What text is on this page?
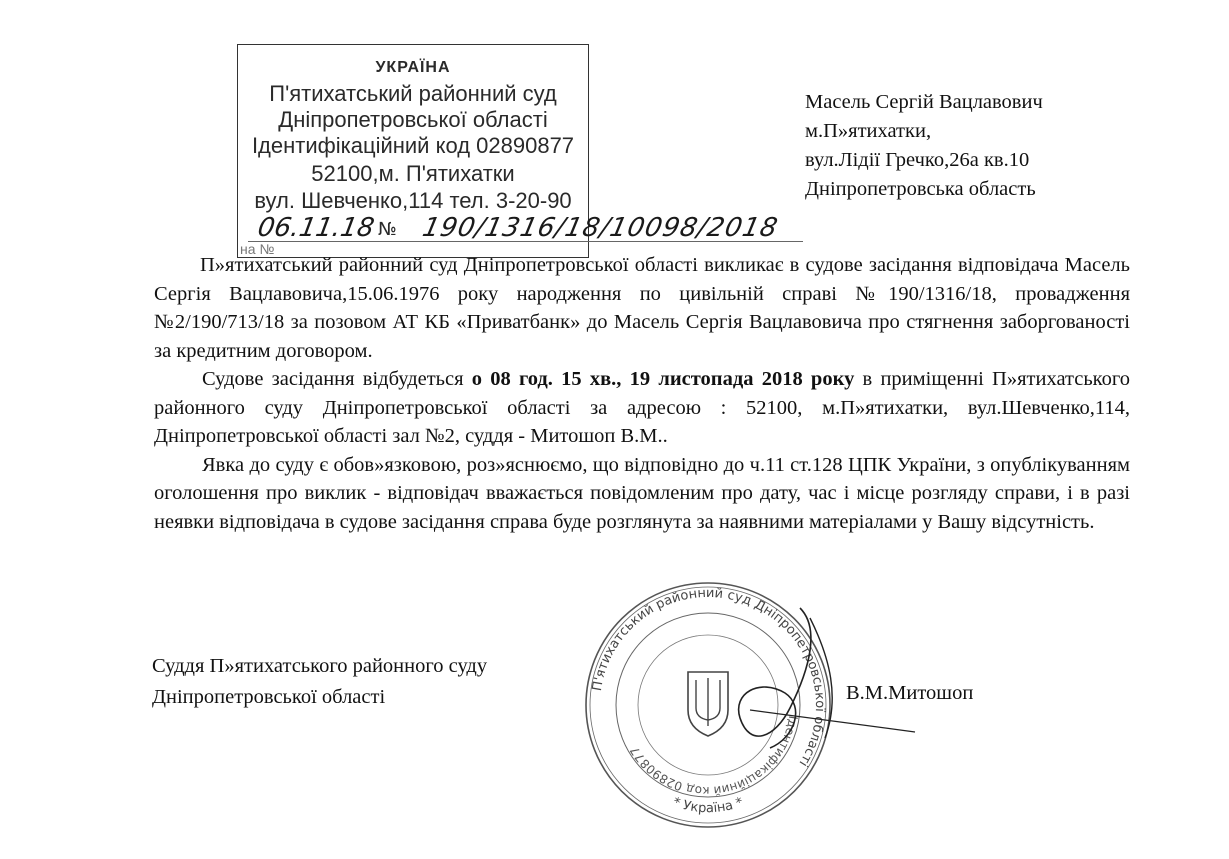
УКРАЇНА
П'ятихатський районний суд
Дніпропетровської області
Ідентифікаційний код 02890877
52100,м. П'ятихатки
вул. Шевченко,114 тел. 3-20-90
06.11.18 № 190/1316/18/10098/2018
на №
Масель Сергій Вацлавович
м.П»ятихатки,
вул.Лідії Гречко,26а кв.10
Дніпропетровська область

П»ятихатський районний суд Дніпропетровської області викликає в судове засідання відповідача Масель Сергія Вацлавовича,15.06.1976 року народження по цивільній справі №190/1316/18, провадження №2/190/713/18 за позовом АТ КБ «Приватбанк» до Масель Сергія Вацлавовича про стягнення заборгованості за кредитним договором.

Судове засідання відбудеться о 08 год. 15 хв., 19 листопада 2018 року в приміщенні П»ятихатського районного суду Дніпропетровської області за адресою : 52100, м.П»ятихатки, вул.Шевченко,114, Дніпропетровської області зал №2, суддя - Митошоп В.М..

Явка до суду є обов»язковою, роз»яснюємо, що відповідно до ч.11 ст.128 ЦПК України, з опублікуванням оголошення про виклик - відповідач вважається повідомленим про дату, час і місце розгляду справи, і в разі неявки відповідача в судове засідання справа буде розглянута за наявними матеріалами у Вашу відсутність.

Суддя П»ятихатського районного суду
Дніпропетровської області	П'ятихатський районний суд Дніпропетровської області
Ідентифікаційний код 02890877
* Україна *
В.М.Митошоп
